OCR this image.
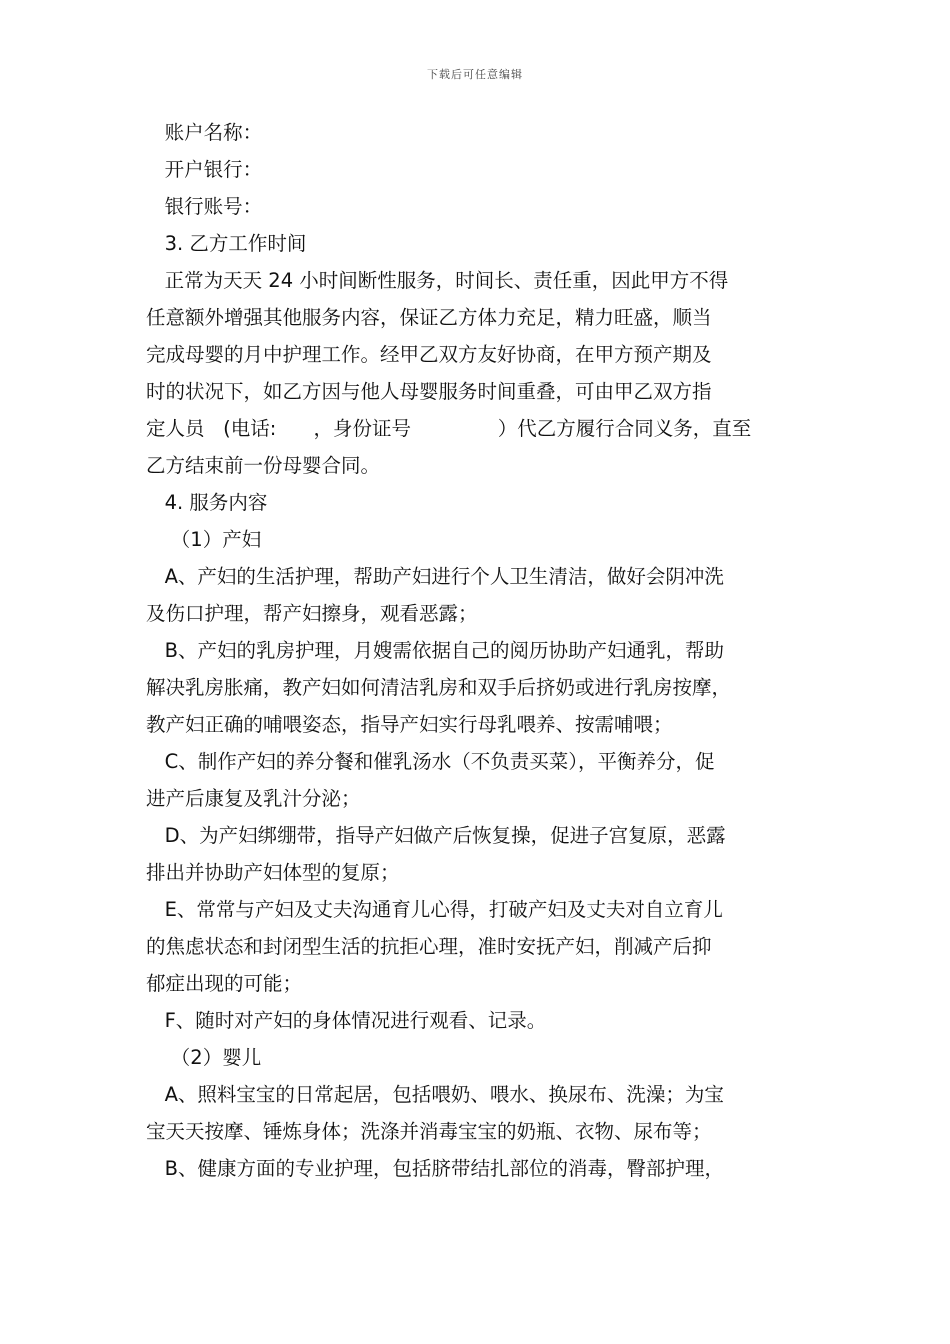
下载后可任意编辑
账户名称：
开户银行：
银行账号：
3. 乙方工作时间
正常为天天 24 小时间断性服务，时间长、责任重，因此甲方不得
任意额外增强其他服务内容，保证乙方体力充足，精力旺盛，顺当
完成母婴的月中护理工作。经甲乙双方友好协商，在甲方预产期及
时的状况下，如乙方因与他人母婴服务时间重叠，可由甲乙双方指
定人员   (电话:      ，身份证号              ）代乙方履行合同义务，直至
乙方结束前一份母婴合同。
4. 服务内容
（1）产妇
A、产妇的生活护理，帮助产妇进行个人卫生清洁，做好会阴冲洗
及伤口护理，帮产妇擦身，观看恶露；
B、产妇的乳房护理，月嫂需依据自己的阅历协助产妇通乳，帮助
解决乳房胀痛，教产妇如何清洁乳房和双手后挤奶或进行乳房按摩，
教产妇正确的哺喂姿态，指导产妇实行母乳喂养、按需哺喂；
C、制作产妇的养分餐和催乳汤水（不负责买菜），平衡养分，促
进产后康复及乳汁分泌；
D、为产妇绑绷带，指导产妇做产后恢复操，促进子宫复原，恶露
排出并协助产妇体型的复原；
E、常常与产妇及丈夫沟通育儿心得，打破产妇及丈夫对自立育儿
的焦虑状态和封闭型生活的抗拒心理，准时安抚产妇，削减产后抑
郁症出现的可能；
F、随时对产妇的身体情况进行观看、记录。
（2）婴儿
A、照料宝宝的日常起居，包括喂奶、喂水、换尿布、洗澡；为宝
宝天天按摩、锤炼身体；洗涤并消毒宝宝的奶瓶、衣物、尿布等；
B、健康方面的专业护理，包括脐带结扎部位的消毒，臀部护理，
